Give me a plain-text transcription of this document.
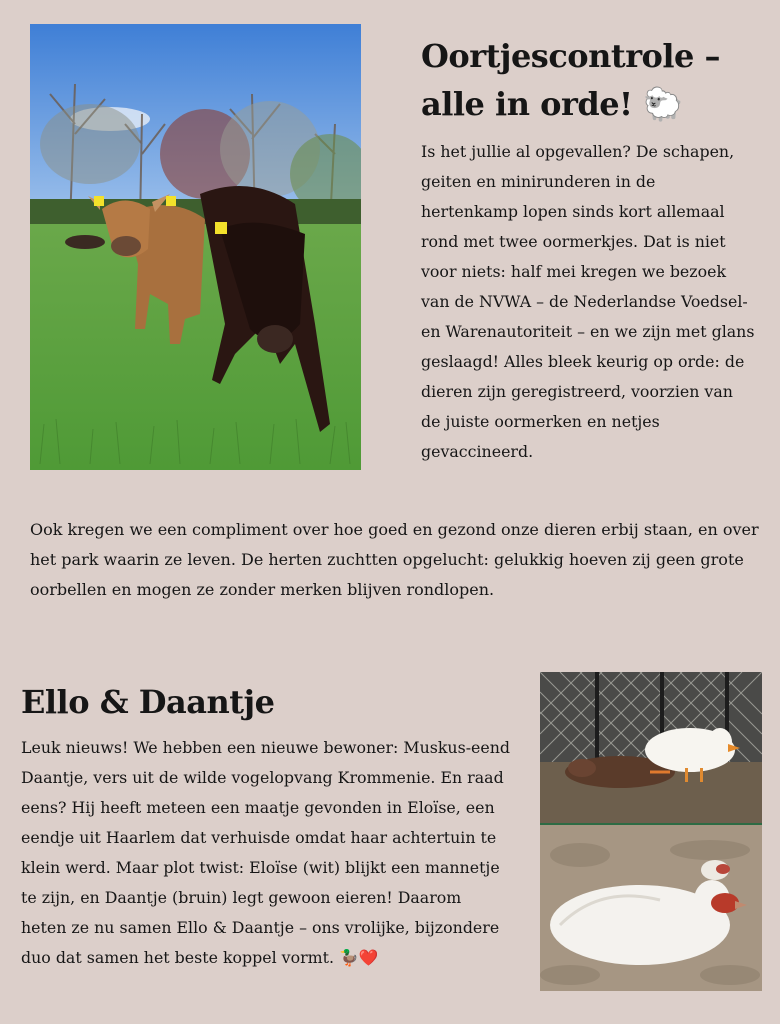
Oortjescontrole – alle in orde! 🐑

Is het jullie al opgevallen? De schapen, geiten en minirunderen in de hertenkamp lopen sinds kort allemaal rond met twee oormerkjes. Dat is niet voor niets: half mei kregen we bezoek van de NVWA – de Nederlandse Voedsel- en Warenautoriteit – en we zijn met glans geslaagd! Alles bleek keurig op orde: de dieren zijn geregistreerd, voorzien van de juiste oormerken en netjes gevaccineerd.

Ook kregen we een compliment over hoe goed en gezond onze dieren erbij staan, en over het park waarin ze leven. De herten zuchtten opgelucht: gelukkig hoeven zij geen grote oorbellen en mogen ze zonder merken blijven rondlopen.

Ello & Daantje

Leuk nieuws! We hebben een nieuwe bewoner: Muskus-eend Daantje, vers uit de wilde vogelopvang Krommenie. En raad eens? Hij heeft meteen een maatje gevonden in Eloïse, een eendje uit Haarlem dat verhuisde omdat haar achtertuin te klein werd. Maar plot twist: Eloïse (wit) blijkt een mannetje te zijn, en Daantje (bruin) legt gewoon eieren! Daarom heten ze nu samen Ello & Daantje – ons vrolijke, bijzondere duo dat samen het beste koppel vormt. 🦆❤️
